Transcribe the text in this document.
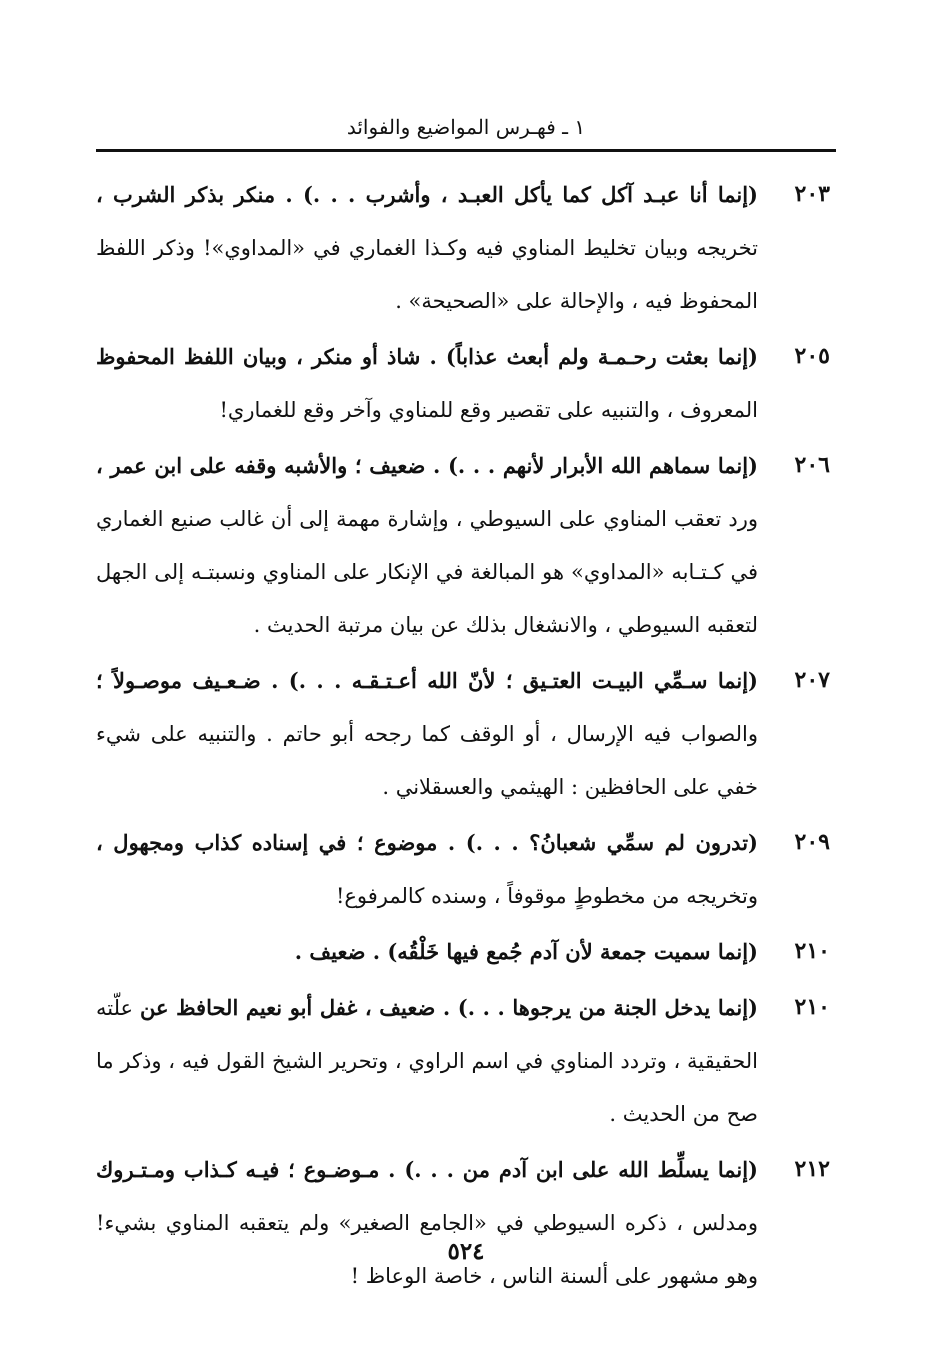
١ ـ فهـرس المواضيع والفوائد
٢٠٣
(إنما أنا عبـد آكل كما يأكل العبـد ، وأشرب . . .) . منكر بذكر الشرب ، تخريجه وبيان تخليط المناوي فيه وكـذا الغماري في «المداوي»! وذكر اللفظ المحفوظ فيه ، والإحالة على «الصحيحة» .
٢٠٥
(إنما بعثت رحـمـة ولم أبعث عذاباً) . شاذ أو منكر ، وبيان اللفظ المحفوظ المعروف ، والتنبيه على تقصير وقع للمناوي وآخر وقع للغماري!
٢٠٦
(إنما سماهم الله الأبرار لأنهم . . .) . ضعيف ؛ والأشبه وقفه على ابن عمر ، ورد تعقب المناوي على السيوطي ، وإشارة مهمة إلى أن غالب صنيع الغماري في كـتـابه «المداوي» هو المبالغة في الإنكار على المناوي ونسبتـه إلى الجهل لتعقبه السيوطي ، والانشغال بذلك عن بيان مرتبة الحديث .
٢٠٧
(إنما سـمِّي البيـت العتـيق ؛ لأنّ الله أعـتـقـه . . .) . ضـعـيف موصـولاً ؛ والصواب فيه الإرسال ، أو الوقف كما رجحه أبو حاتم . والتنبيه على شيء خفي على الحافظين : الهيثمي والعسقلاني .
٢٠٩
(تدرون لم سمِّي شعبانُ؟ . . .) . موضوع ؛ في إسناده كذاب ومجهول ، وتخريجه من مخطوطٍ موقوفاً ، وسنده كالمرفوع!
٢١٠
(إنما سميت جمعة لأن آدم جُمع فيها خَلْقُه) . ضعيف .
٢١٠
(إنما يدخل الجنة من يرجوها . . .) . ضعيف ، غفل أبو نعيم الحافظ عن علّته الحقيقية ، وتردد المناوي في اسم الراوي ، وتحرير الشيخ القول فيه ، وذكر ما صح من الحديث .
٢١٢
(إنما يسلِّط الله على ابن آدم من . . .) . مـوضـوع ؛ فيـه كـذاب ومـتـروك ومدلس ، ذكره السيوطي في «الجامع الصغير» ولم يتعقبه المناوي بشيء! وهو مشهور على ألسنة الناس ، خاصة الوعاظ !
٥٢٤
